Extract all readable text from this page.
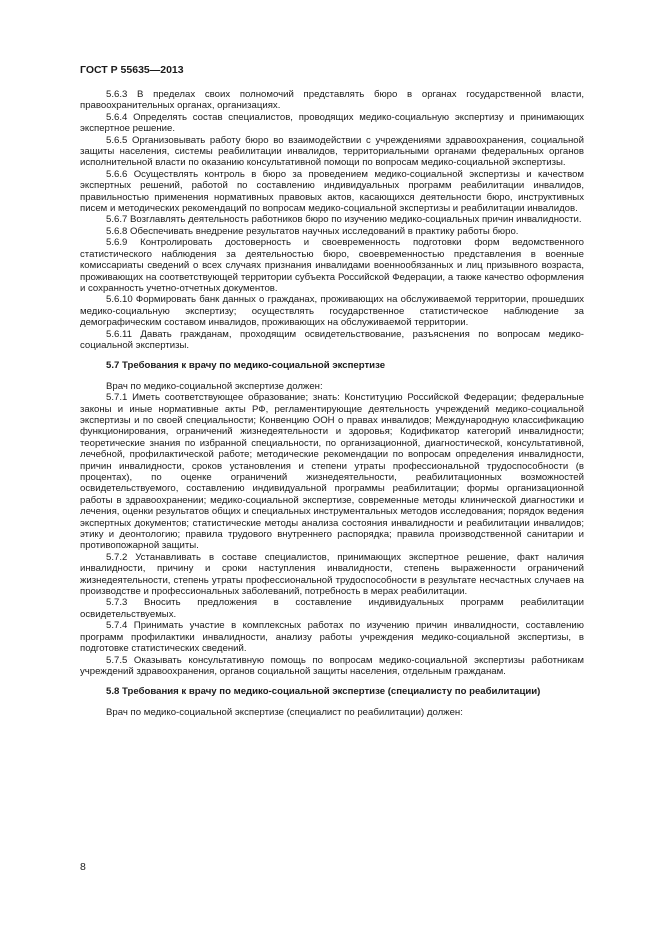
ГОСТ Р 55635—2013

5.6.3 В пределах своих полномочий представлять бюро в органах государственной власти, правоохранительных органах, организациях.

5.6.4 Определять состав специалистов, проводящих медико-социальную экспертизу и принимающих экспертное решение.

5.6.5 Организовывать работу бюро во взаимодействии с учреждениями здравоохранения, социальной защиты населения, системы реабилитации инвалидов, территориальными органами федеральных органов исполнительной власти по оказанию консультативной помощи по вопросам медико-социальной экспертизы.

5.6.6 Осуществлять контроль в бюро за проведением медико-социальной экспертизы и качеством экспертных решений, работой по составлению индивидуальных программ реабилитации инвалидов, правильностью применения нормативных правовых актов, касающихся деятельности бюро, инструктивных писем и методических рекомендаций по вопросам медико-социальной экспертизы и реабилитации инвалидов.

5.6.7 Возглавлять деятельность работников бюро по изучению медико-социальных причин инвалидности.

5.6.8 Обеспечивать внедрение результатов научных исследований в практику работы бюро.

5.6.9 Контролировать достоверность и своевременность подготовки форм ведомственного статистического наблюдения за деятельностью бюро, своевременностью представления в военные комиссариаты сведений о всех случаях признания инвалидами военнообязанных и лиц призывного возраста, проживающих на соответствующей территории субъекта Российской Федерации, а также качество оформления и сохранность учетно-отчетных документов.

5.6.10 Формировать банк данных о гражданах, проживающих на обслуживаемой территории, прошедших медико-социальную экспертизу; осуществлять государственное статистическое наблюдение за демографическим составом инвалидов, проживающих на обслуживаемой территории.

5.6.11 Давать гражданам, проходящим освидетельствование, разъяснения по вопросам медико-социальной экспертизы.

5.7 Требования к врачу по медико-социальной экспертизе

Врач по медико-социальной экспертизе должен:

5.7.1 Иметь соответствующее образование; знать: Конституцию Российской Федерации; федеральные законы и иные нормативные акты РФ, регламентирующие деятельность учреждений медико-социальной экспертизы и по своей специальности; Конвенцию ООН о правах инвалидов; Международную классификацию функционирования, ограничений жизнедеятельности и здоровья; Кодификатор категорий инвалидности; теоретические знания по избранной специальности, по организационной, диагностической, консультативной, лечебной, профилактической работе; методические рекомендации по вопросам определения инвалидности, причин инвалидности, сроков установления и степени утраты профессиональной трудоспособности (в процентах), по оценке ограничений жизнедеятельности, реабилитационных возможностей освидетельствуемого, составлению индивидуальной программы реабилитации; формы организационной работы в здравоохранении; медико-социальной экспертизе, современные методы клинической диагностики и лечения, оценки результатов общих и специальных инструментальных методов исследования; порядок ведения экспертных документов; статистические методы анализа состояния инвалидности и реабилитации инвалидов; этику и деонтологию; правила трудового внутреннего распорядка; правила производственной санитарии и противопожарной защиты.

5.7.2 Устанавливать в составе специалистов, принимающих экспертное решение, факт наличия инвалидности, причину и сроки наступления инвалидности, степень выраженности ограничений жизнедеятельности, степень утраты профессиональной трудоспособности в результате несчастных случаев на производстве и профессиональных заболеваний, потребность в мерах реабилитации.

5.7.3 Вносить предложения в составление индивидуальных программ реабилитации освидетельствуемых.

5.7.4 Принимать участие в комплексных работах по изучению причин инвалидности, составлению программ профилактики инвалидности, анализу работы учреждения медико-социальной экспертизы, в подготовке статистических сведений.

5.7.5 Оказывать консультативную помощь по вопросам медико-социальной экспертизы работникам учреждений здравоохранения, органов социальной защиты населения, отдельным гражданам.

5.8 Требования к врачу по медико-социальной экспертизе (специалисту по реабилитации)

Врач по медико-социальной экспертизе (специалист по реабилитации) должен:

8
